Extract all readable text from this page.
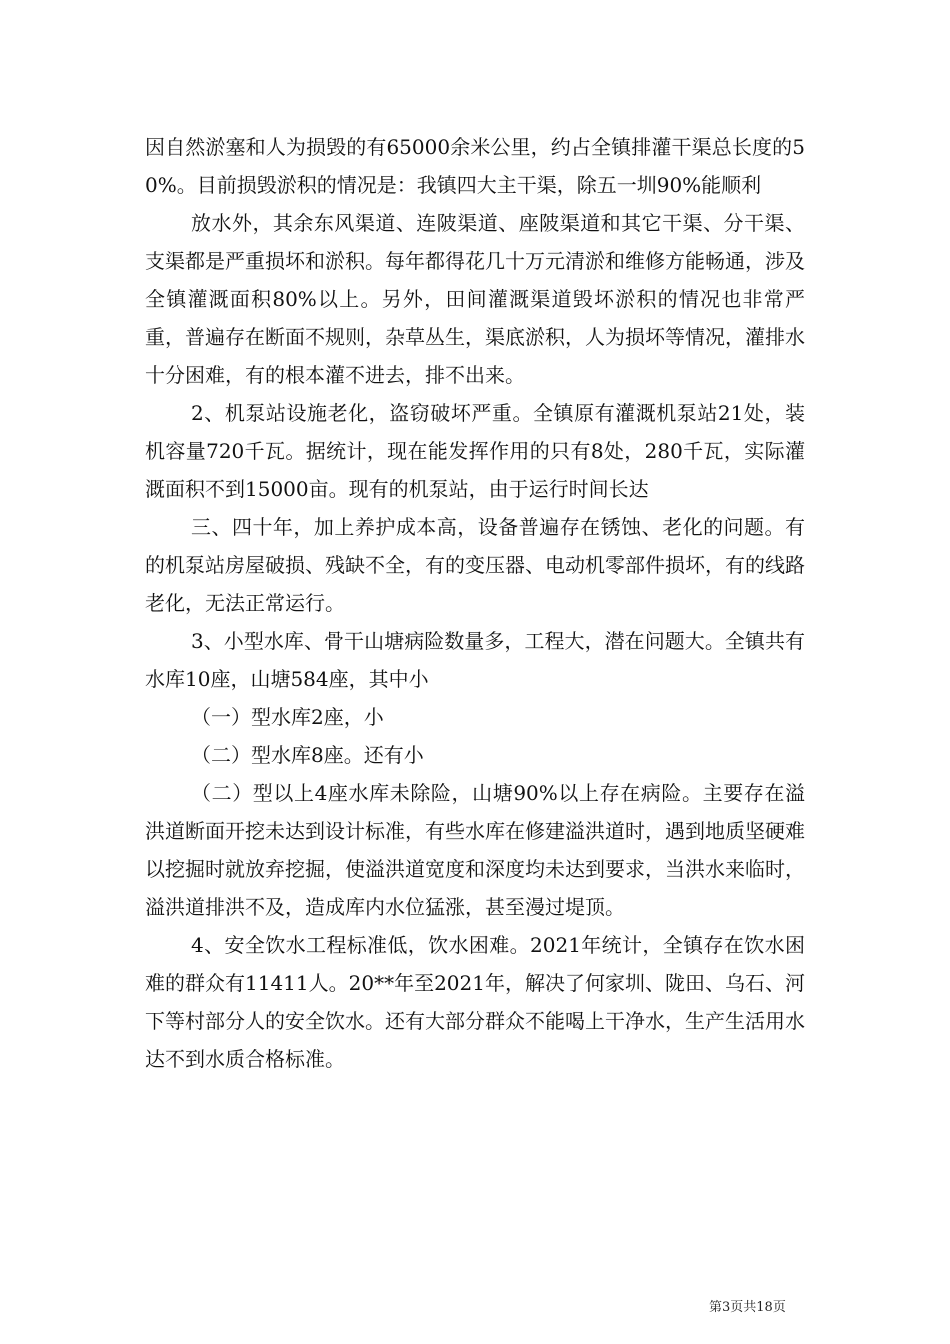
因自然淤塞和人为损毁的有65000余米公里，约占全镇排灌干渠总长度的50%。目前损毁淤积的情况是：我镇四大主干渠，除五一圳90%能顺利

放水外，其余东风渠道、连陂渠道、座陂渠道和其它干渠、分干渠、支渠都是严重损坏和淤积。每年都得花几十万元清淤和维修方能畅通，涉及全镇灌溉面积80%以上。另外，田间灌溉渠道毁坏淤积的情况也非常严重，普遍存在断面不规则，杂草丛生，渠底淤积，人为损坏等情况，灌排水十分困难，有的根本灌不进去，排不出来。

2、机泵站设施老化，盗窃破坏严重。全镇原有灌溉机泵站21处，装机容量720千瓦。据统计，现在能发挥作用的只有8处，280千瓦，实际灌溉面积不到15000亩。现有的机泵站，由于运行时间长达

三、四十年，加上养护成本高，设备普遍存在锈蚀、老化的问题。有的机泵站房屋破损、残缺不全，有的变压器、电动机零部件损坏，有的线路老化，无法正常运行。

3、小型水库、骨干山塘病险数量多，工程大，潜在问题大。全镇共有水库10座，山塘584座，其中小

（一）型水库2座，小

（二）型水库8座。还有小

（二）型以上4座水库未除险，山塘90%以上存在病险。主要存在溢洪道断面开挖未达到设计标准，有些水库在修建溢洪道时，遇到地质坚硬难以挖掘时就放弃挖掘，使溢洪道宽度和深度均未达到要求，当洪水来临时，溢洪道排洪不及，造成库内水位猛涨，甚至漫过堤顶。

4、安全饮水工程标准低，饮水困难。2021年统计，全镇存在饮水困难的群众有11411人。20**年至2021年，解决了何家圳、陇田、乌石、河下等村部分人的安全饮水。还有大部分群众不能喝上干净水，生产生活用水达不到水质合格标准。

第3页共18页
